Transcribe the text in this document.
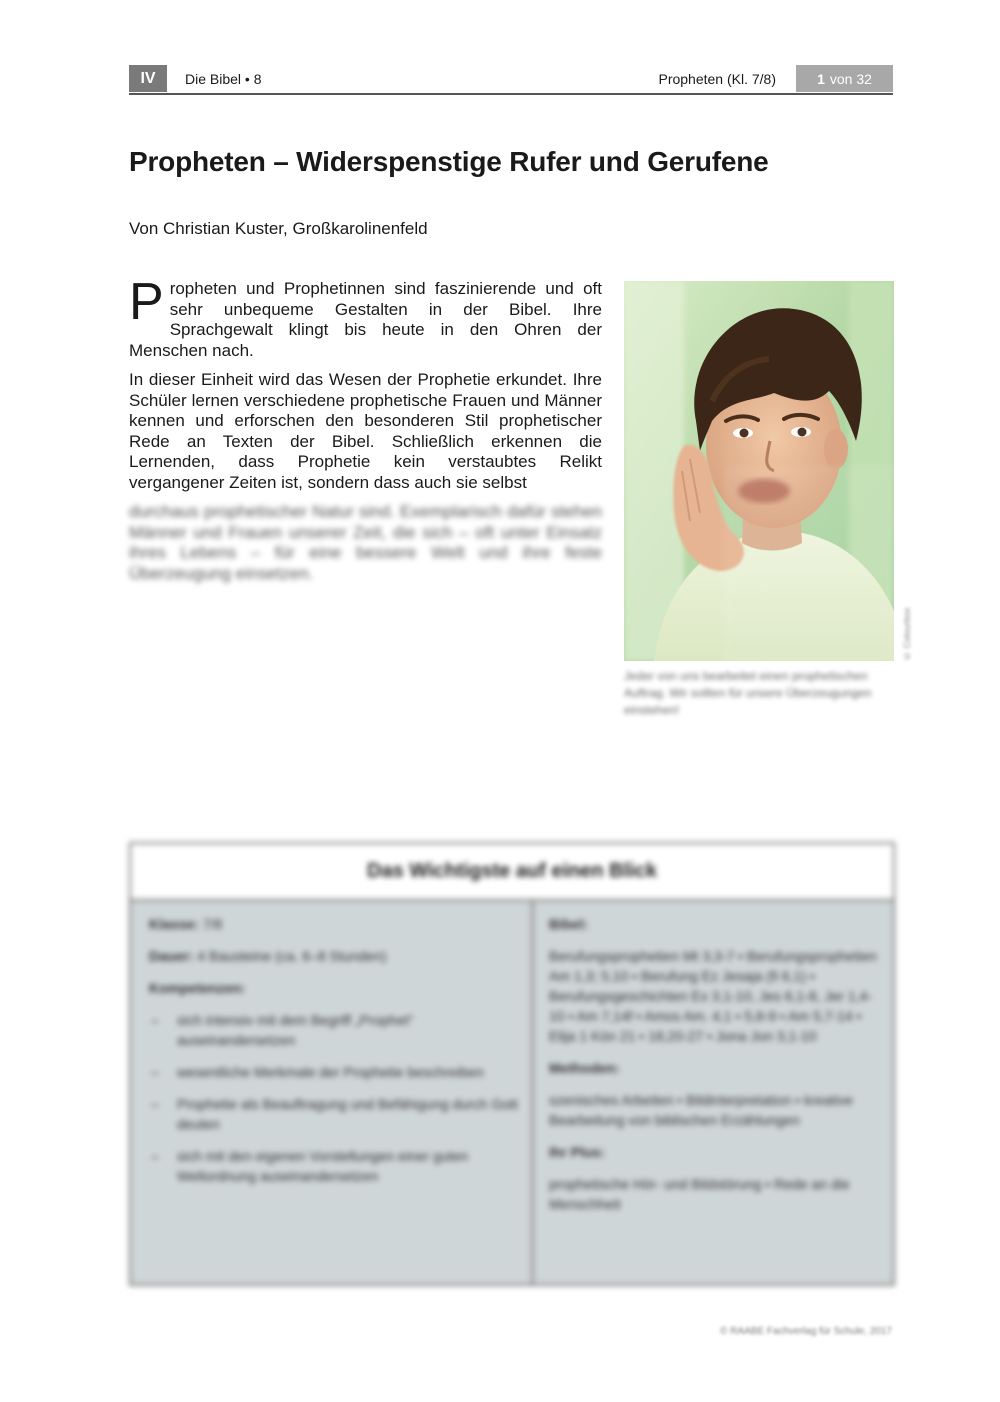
IV	Die Bibel • 8	Propheten (Kl. 7/8)	1 von 32
Propheten – Widerspenstige Rufer und Gerufene
Von Christian Kuster, Großkarolinenfeld

Propheten und Prophetinnen sind faszinierende und oft sehr unbequeme Gestalten in der Bibel. Ihre Sprachgewalt klingt bis heute in den Ohren der Menschen nach.

In dieser Einheit wird das Wesen der Prophetie erkundet. Ihre Schüler lernen verschiedene prophetische Frauen und Männer kennen und erforschen den besonderen Stil prophetischer Rede an Texten der Bibel. Schließlich erkennen die Lernenden, dass Prophetie kein verstaubtes Relikt vergangener Zeiten ist, sondern dass auch sie selbst

durchaus prophetischer Natur sind. Exemplarisch dafür stehen Männer und Frauen unserer Zeit, die sich – oft unter Einsatz ihres Lebens – für eine bessere Welt und ihre feste Überzeugung einsetzen.

© Colourbox
Jeder von uns bearbeitet einen prophetischen Auftrag. Wir sollten für unsere Überzeugungen einstehen!
Das Wichtigste auf einen Blick

Klasse: 7/8

Dauer: 4 Bausteine (ca. 6–8 Stunden)

Kompetenzen:

– sich intensiv mit dem Begriff „Prophet“ auseinandersetzen
– wesentliche Merkmale der Prophetie beschreiben
– Prophetie als Beauftragung und Befähigung durch Gott deuten
– sich mit den eigenen Vorstellungen einer guten Weltordnung auseinandersetzen

Bibel:

Berufungsprophetien Mt 3,3-7 • Berufungsprophetien Am 1,3; 5,10 • Berufung Ez Jesaja (fi 6,1) • Berufungsgeschichten Ex 3,1-10, Jes 6,1-8, Jer 1,4-10 • Am 7,14f • Amos Am. 4,1 • 5,8-9 • Am 5,7-14 • Elija 1 Kön 21 • 18,20-27 • Jona Jon 3,1-10

Methoden:

szenisches Arbeiten • Bildinterpretation • kreative Bearbeitung von biblischen Erzählungen

Ihr Plus:

prophetische Hör- und Bildstörung • Rede an die Menschheit

© RAABE Fachverlag für Schule, 2017
